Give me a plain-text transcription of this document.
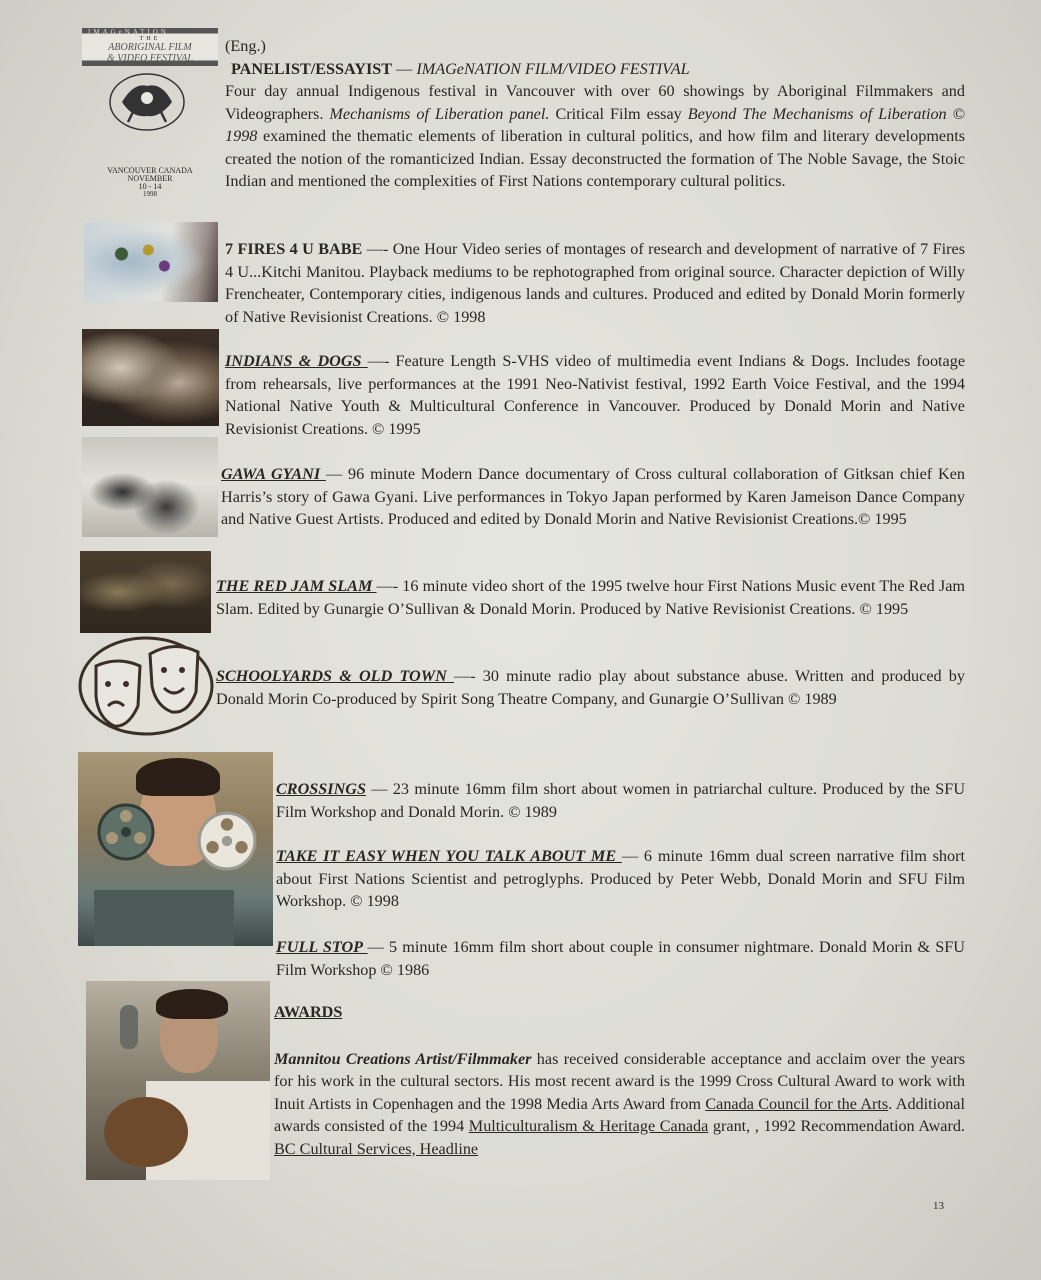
IMAGeNATION
THE
ABORIGINAL FILM
& VIDEO FESTIVAL
VANCOUVER CANADA
NOVEMBER
10 - 14
1998
(Eng.)
PANELIST/ESSAYIST — IMAGeNATION FILM/VIDEO FESTIVAL

Four day annual Indigenous festival in Vancouver with over 60 showings by Aboriginal Filmmakers and Videographers. Mechanisms of Liberation panel. Critical Film essay Beyond The Mechanisms of Liberation © 1998 examined the thematic elements of liberation in cultural politics, and how film and literary developments created the notion of the romanticized Indian. Essay deconstructed the formation of The Noble Savage, the Stoic Indian and mentioned the complexities of First Nations contemporary cultural politics.

7 FIRES 4 U BABE —- One Hour Video series of montages of research and development of narrative of 7 Fires 4 U...Kitchi Manitou. Playback mediums to be rephotographed from original source. Character depiction of Willy Frencheater, Contemporary cities, indigenous lands and cultures. Produced and edited by Donald Morin formerly of Native Revisionist Creations. © 1998
INDIANS & DOGS —- Feature Length S-VHS video of multimedia event Indians & Dogs. Includes footage from rehearsals, live performances at the 1991 Neo-Nativist festival, 1992 Earth Voice Festival, and the 1994 National Native Youth & Multicultural Conference in Vancouver. Produced by Donald Morin and Native Revisionist Creations. © 1995
GAWA GYANI — 96 minute Modern Dance documentary of Cross cultural collaboration of Gitksan chief Ken Harris’s story of Gawa Gyani. Live performances in Tokyo Japan performed by Karen Jameison Dance Company and Native Guest Artists. Produced and edited by Donald Morin and Native Revisionist Creations.© 1995
THE RED JAM SLAM —- 16 minute video short of the 1995 twelve hour First Nations Music event The Red Jam Slam. Edited by Gunargie O’Sullivan & Donald Morin. Produced by Native Revisionist Creations. © 1995
SCHOOLYARDS & OLD TOWN —- 30 minute radio play about substance abuse. Written and produced by Donald Morin Co-produced by Spirit Song Theatre Company, and Gunargie O’Sullivan © 1989
CROSSINGS — 23 minute 16mm film short about women in patriarchal culture. Produced by the SFU Film Workshop and Donald Morin. © 1989
TAKE IT EASY WHEN YOU TALK ABOUT ME — 6 minute 16mm dual screen narrative film short about First Nations Scientist and petroglyphs. Produced by Peter Webb, Donald Morin and SFU Film Workshop. © 1998
FULL STOP — 5 minute 16mm film short about couple in consumer nightmare. Donald Morin & SFU Film Workshop © 1986
AWARDS

Mannitou Creations Artist/Filmmaker has received considerable acceptance and acclaim over the years for his work in the cultural sectors. His most recent award is the 1999 Cross Cultural Award to work with Inuit Artists in Copenhagen and the 1998 Media Arts Award from Canada Council for the Arts. Additional awards consisted of the 1994 Multiculturalism & Heritage Canada grant, , 1992 Recommendation Award. BC Cultural Services, Headline

13
